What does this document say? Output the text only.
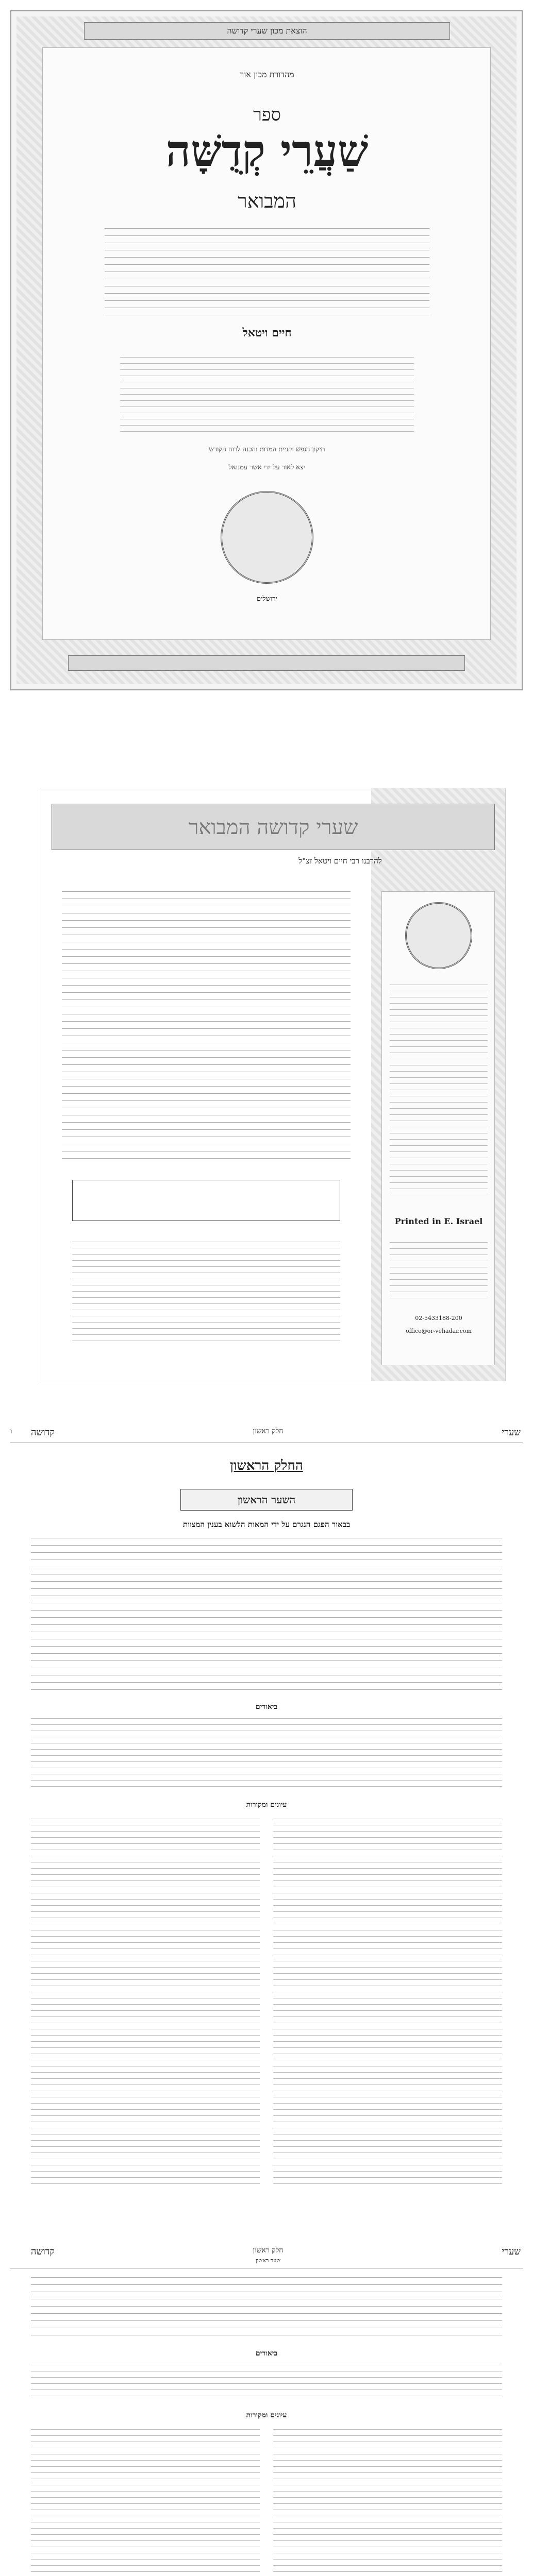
הוצאת מכון שערי קדושה
מהדורת מכון אור
ספר
שַׁעֲרֵי קְדֻשָּׁה
המבואר
חיים ויטאל
תיקון הנפש וקניית המדות והכנה לרוח הקודש
יצא לאור על ידי אשר עמנואל
ירושלים
שערי קדושה המבואר
להרבנו רבי חיים ויטאל זצ"ל
Printed in E. Israel
02-5433188-200
office@or-vehadar.com
ו	שערי
חלק ראשון
קדושה
החלק הראשון
השער הראשון
בבאור הפגם הנגרם על ידי המאות הלשוא בענין המצוות
ביאורים
עיונים ומקורות
שערי
חלק ראשון
שער ראשון
קדושה
ביאורים
עיונים ומקורות
